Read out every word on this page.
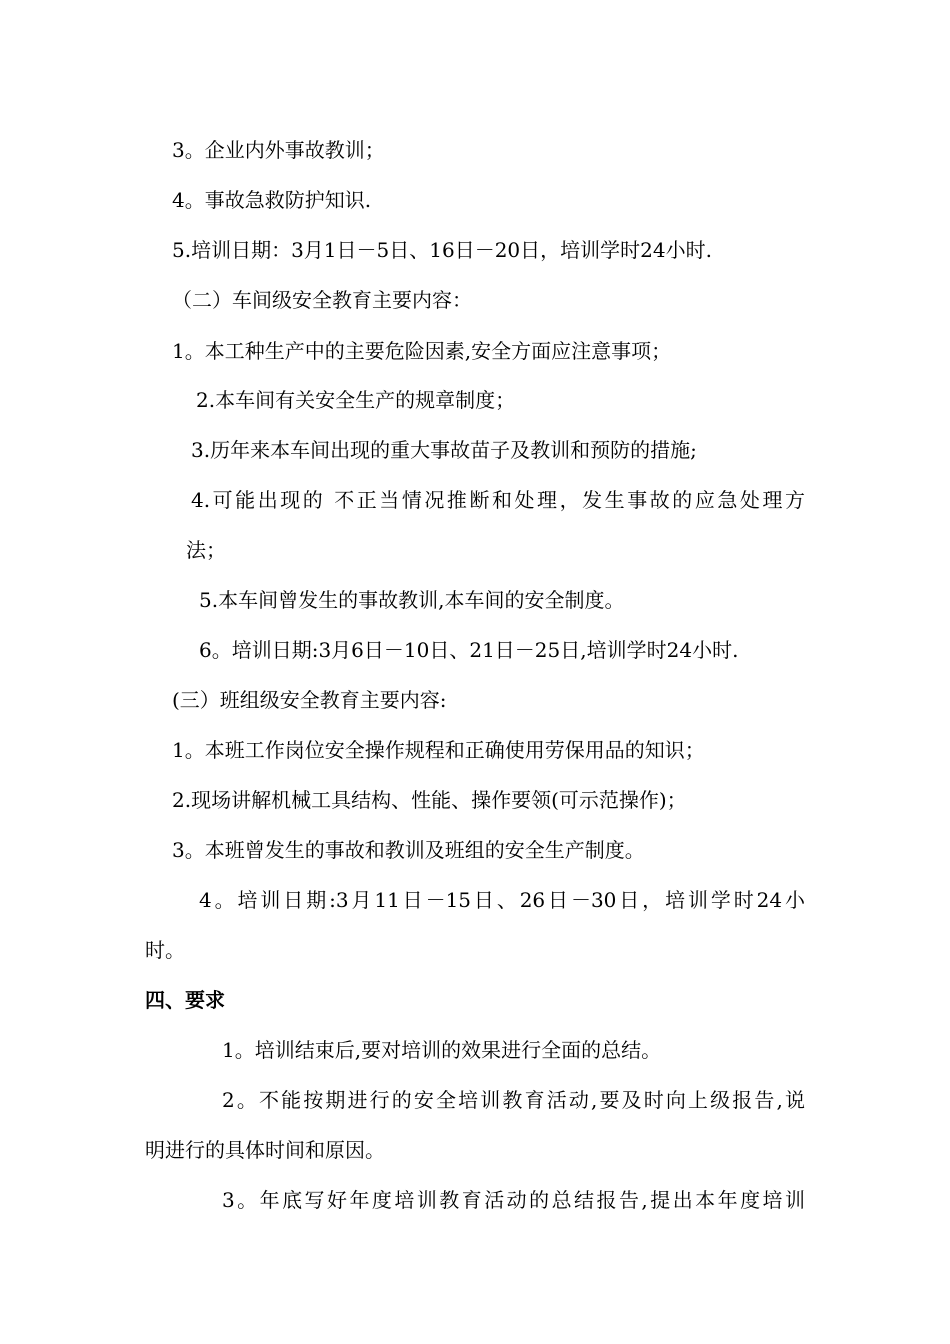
3。企业内外事故教训；
4。事故急救防护知识.
5.培训日期：3月1日－5日、16日－20日，培训学时24小时.
（二）车间级安全教育主要内容：
1。本工种生产中的主要危险因素,安全方面应注意事项；
2.本车间有关安全生产的规章制度；
3.历年来本车间出现的重大事故苗子及教训和预防的措施;
4.可能出现的 不正当情况推断和处理，发生事故的应急处理方
法；
5.本车间曾发生的事故教训,本车间的安全制度。
6。培训日期:3月6日－10日、21日－25日,培训学时24小时.
(三）班组级安全教育主要内容:
1。本班工作岗位安全操作规程和正确使用劳保用品的知识；
2.现场讲解机械工具结构、性能、操作要领(可示范操作)；
3。本班曾发生的事故和教训及班组的安全生产制度。
4。培训日期:3月11日－15日、26日－30日，培训学时24小
时。
四、要求
1。培训结束后,要对培训的效果进行全面的总结。
2。不能按期进行的安全培训教育活动,要及时向上级报告,说
明进行的具体时间和原因。
3。年底写好年度培训教育活动的总结报告,提出本年度培训
